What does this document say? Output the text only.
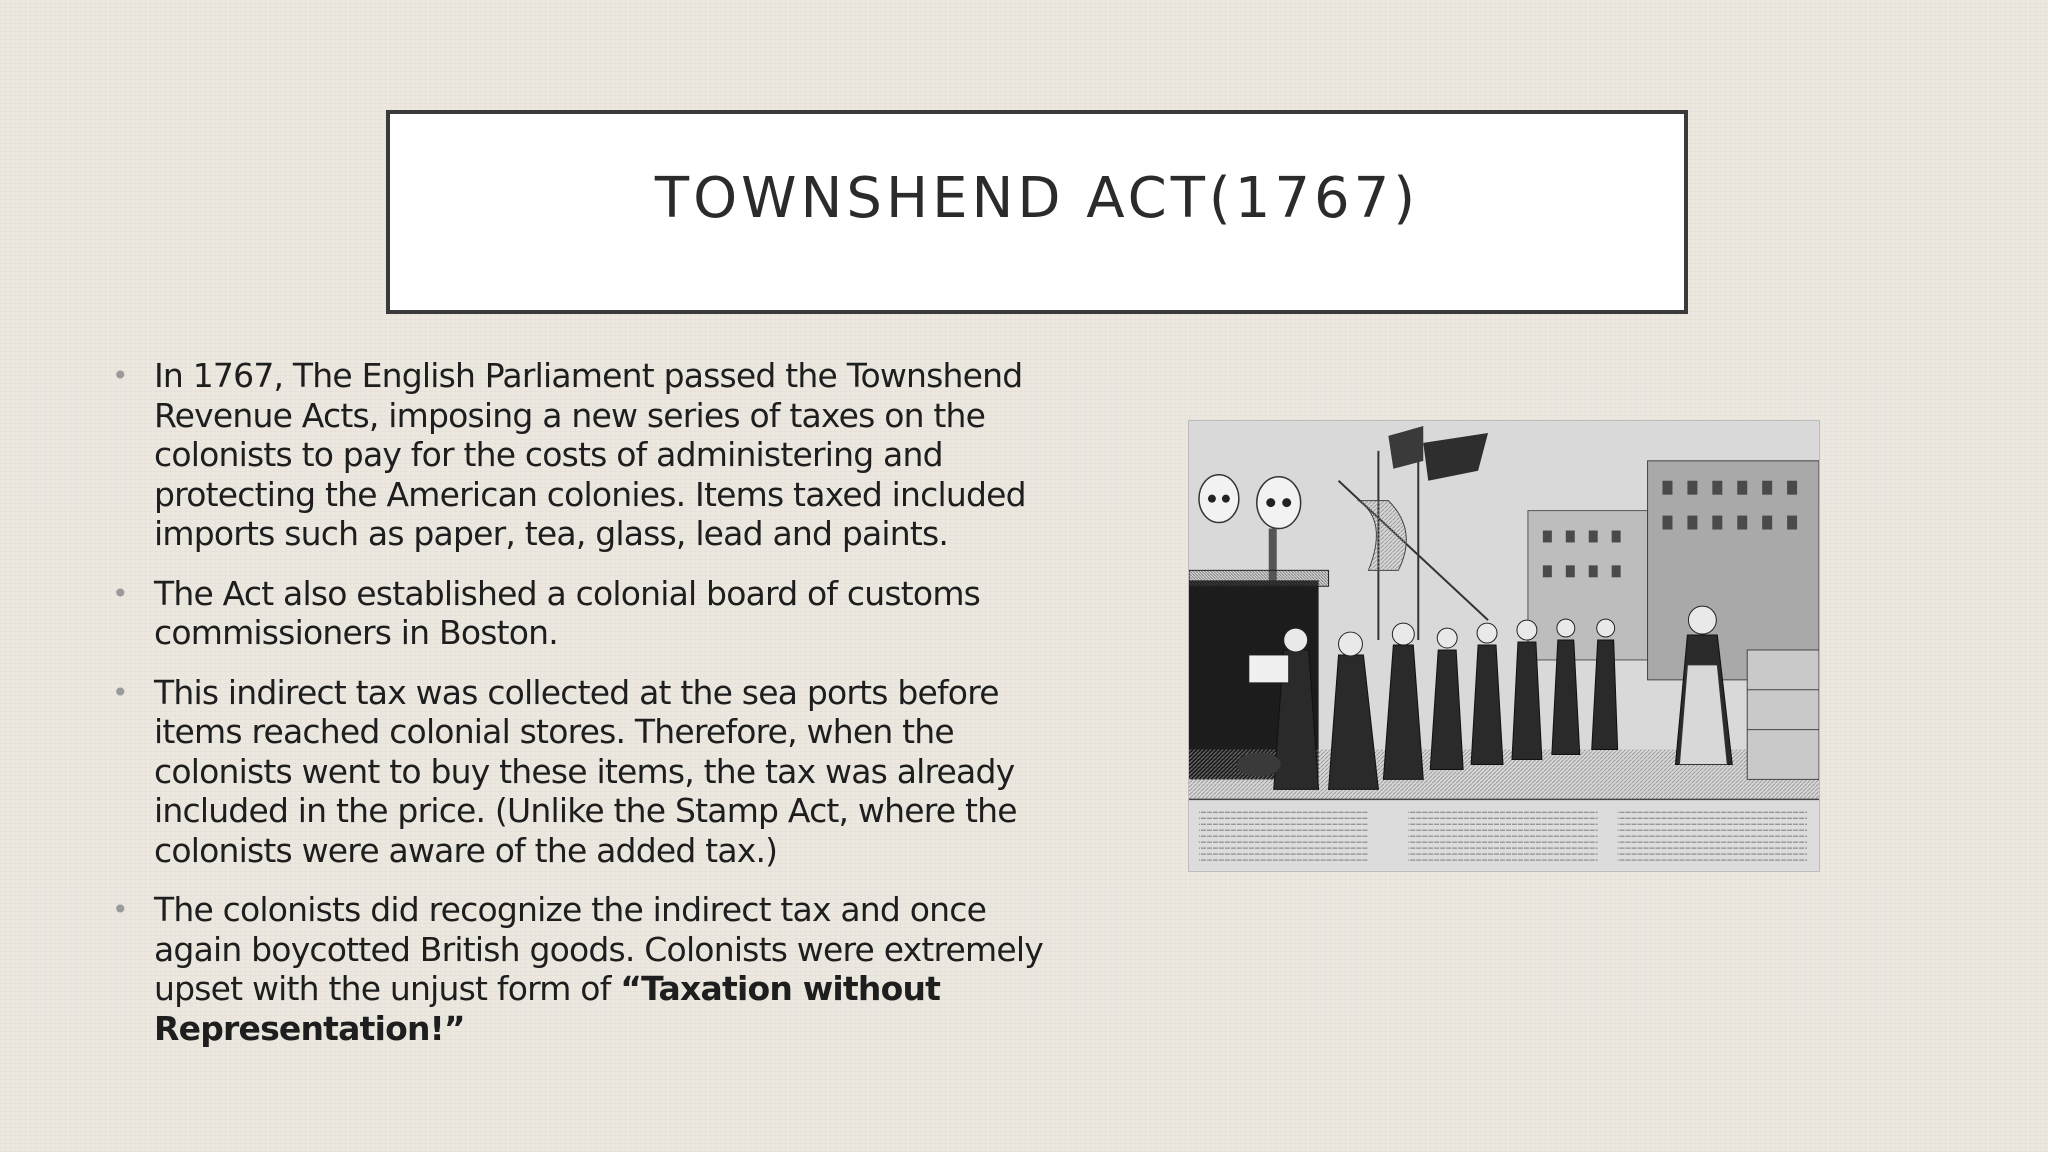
TOWNSHEND ACT(1767)
• In 1767, The English Parliament passed the Townshend Revenue Acts, imposing a new series of taxes on the colonists to pay for the costs of administering and protecting the American colonies. Items taxed included imports such as paper, tea, glass, lead and paints.
• The Act also established a colonial board of customs commissioners in Boston.
• This indirect tax was collected at the sea ports before items reached colonial stores. Therefore, when the colonists went to buy these items, the tax was already included in the price. (Unlike the Stamp Act, where the colonists were aware of the added tax.)
• The colonists did recognize the indirect tax and once again boycotted British goods. Colonists were extremely upset with the unjust form of “Taxation without Representation!”
